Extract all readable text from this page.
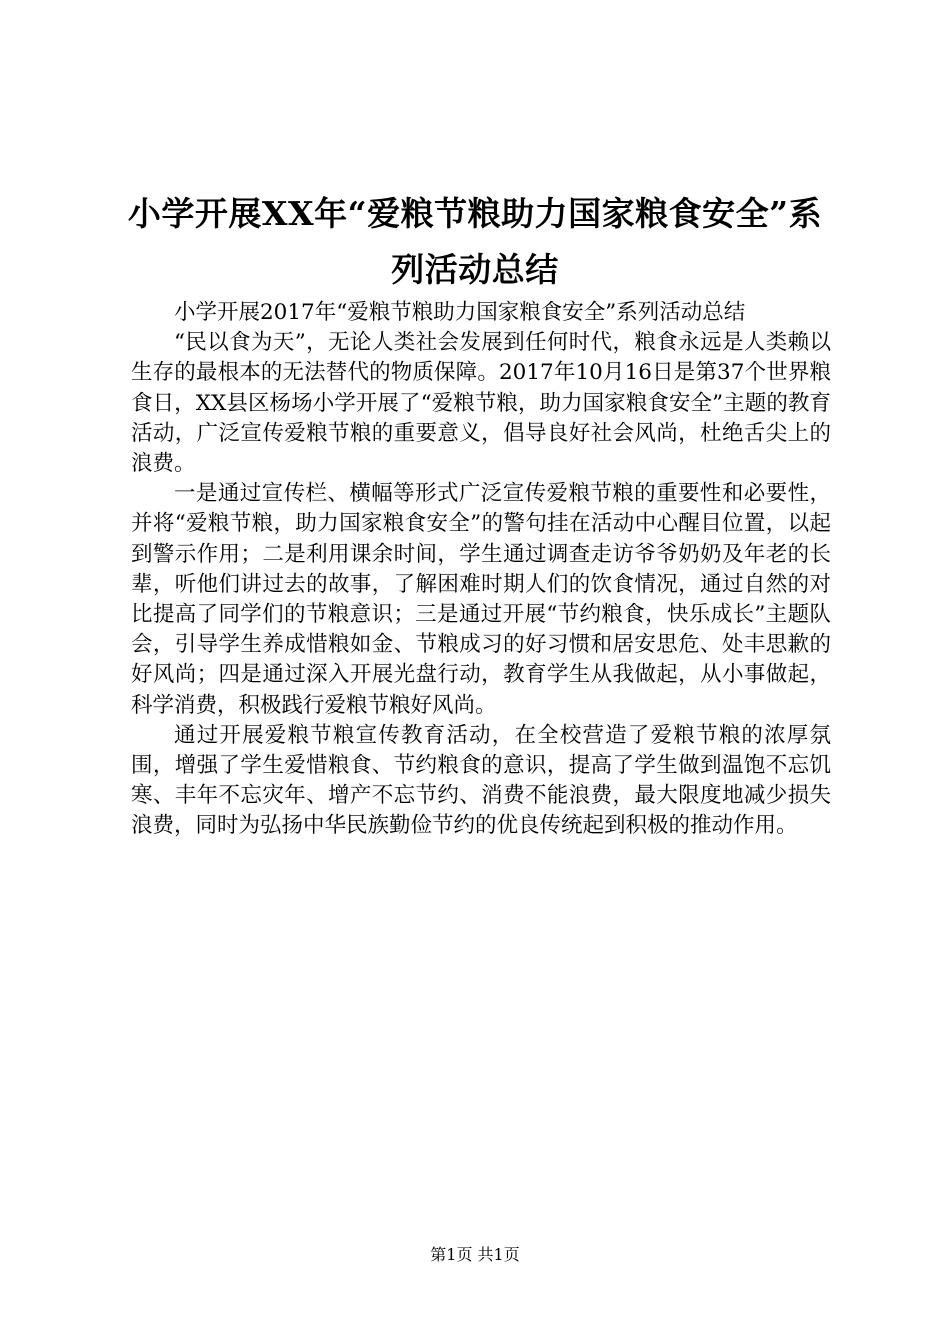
小学开展XX年“爱粮节粮助力国家粮食安全”系列活动总结

小学开展2017年“爱粮节粮助力国家粮食安全”系列活动总结

“民以食为天”，无论人类社会发展到任何时代，粮食永远是人类赖以生存的最根本的无法替代的物质保障。2017年10月16日是第37个世界粮食日，XX县区杨场小学开展了“爱粮节粮，助力国家粮食安全”主题的教育活动，广泛宣传爱粮节粮的重要意义，倡导良好社会风尚，杜绝舌尖上的浪费。

一是通过宣传栏、横幅等形式广泛宣传爱粮节粮的重要性和必要性，并将“爱粮节粮，助力国家粮食安全”的警句挂在活动中心醒目位置，以起到警示作用；二是利用课余时间，学生通过调查走访爷爷奶奶及年老的长辈，听他们讲过去的故事，了解困难时期人们的饮食情况，通过自然的对比提高了同学们的节粮意识；三是通过开展“节约粮食，快乐成长”主题队会，引导学生养成惜粮如金、节粮成习的好习惯和居安思危、处丰思歉的好风尚；四是通过深入开展光盘行动，教育学生从我做起，从小事做起，科学消费，积极践行爱粮节粮好风尚。

通过开展爱粮节粮宣传教育活动，在全校营造了爱粮节粮的浓厚氛围，增强了学生爱惜粮食、节约粮食的意识，提高了学生做到温饱不忘饥寒、丰年不忘灾年、增产不忘节约、消费不能浪费，最大限度地减少损失浪费，同时为弘扬中华民族勤俭节约的优良传统起到积极的推动作用。

第1页 共1页
